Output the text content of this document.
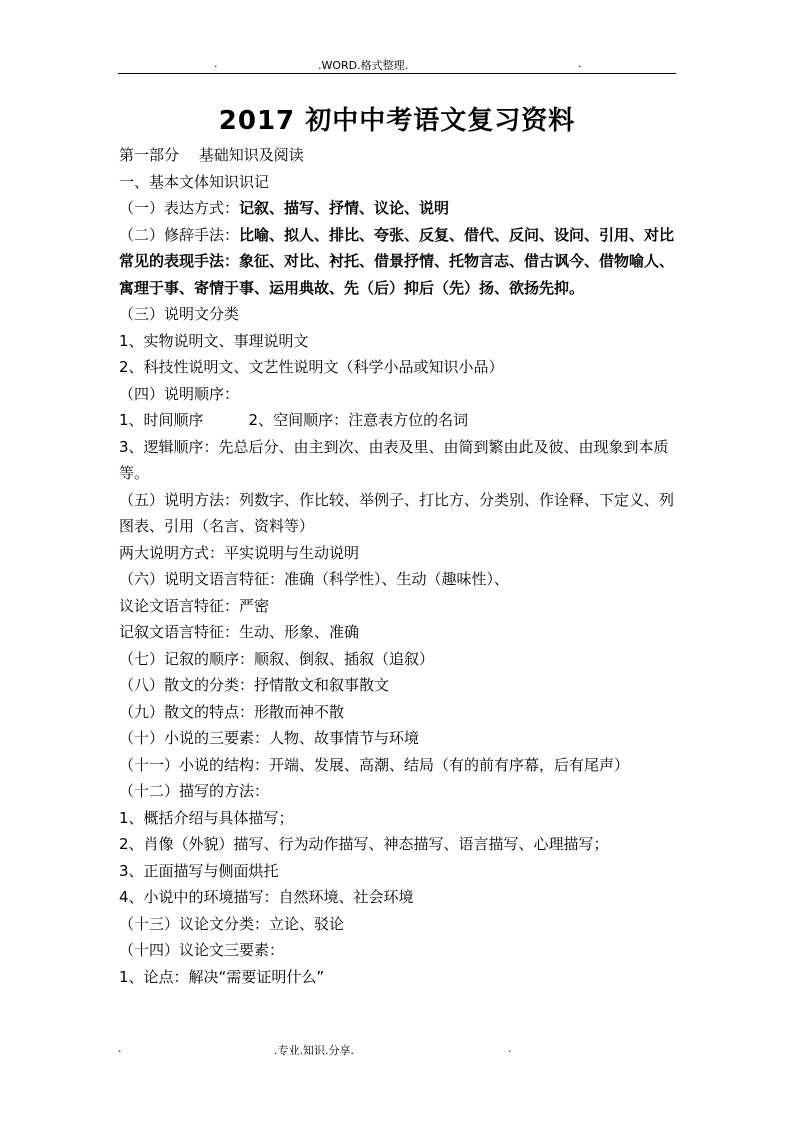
.	.WORD.格式整理.	.
2017 初中中考语文复习资料
第一部分　 基础知识及阅读
一、基本文体知识识记
（一）表达方式：记叙、描写、抒情、议论、说明
（二）修辞手法：比喻、拟人、排比、夸张、反复、借代、反问、设问、引用、对比
常见的表现手法：象征、对比、衬托、借景抒情、托物言志、借古讽今、借物喻人、寓理于事、寄情于事、运用典故、先（后）抑后（先）扬、欲扬先抑。
（三）说明文分类
1、实物说明文、事理说明文
2、科技性说明文、文艺性说明文（科学小品或知识小品）
（四）说明顺序：
1、时间顺序　　　2、空间顺序：注意表方位的名词
3、逻辑顺序：先总后分、由主到次、由表及里、由简到繁由此及彼、由现象到本质等。
（五）说明方法：列数字、作比较、举例子、打比方、分类别、作诠释、下定义、列图表、引用（名言、资料等）
两大说明方式：平实说明与生动说明
（六）说明文语言特征：准确（科学性）、生动（趣味性）、
议论文语言特征：严密
记叙文语言特征：生动、形象、准确
（七）记叙的顺序：顺叙、倒叙、插叙（追叙）
（八）散文的分类：抒情散文和叙事散文
（九）散文的特点：形散而神不散
（十）小说的三要素：人物、故事情节与环境
（十一）小说的结构：开端、发展、高潮、结局（有的前有序幕，后有尾声）
（十二）描写的方法：
1、概括介绍与具体描写；
2、肖像（外貌）描写、行为动作描写、神态描写、语言描写、心理描写；
3、正面描写与侧面烘托
4、小说中的环境描写：自然环境、社会环境
（十三）议论文分类：立论、驳论
（十四）议论文三要素：
1、论点：解决“需要证明什么”
.	.专业.知识.分享.	.
